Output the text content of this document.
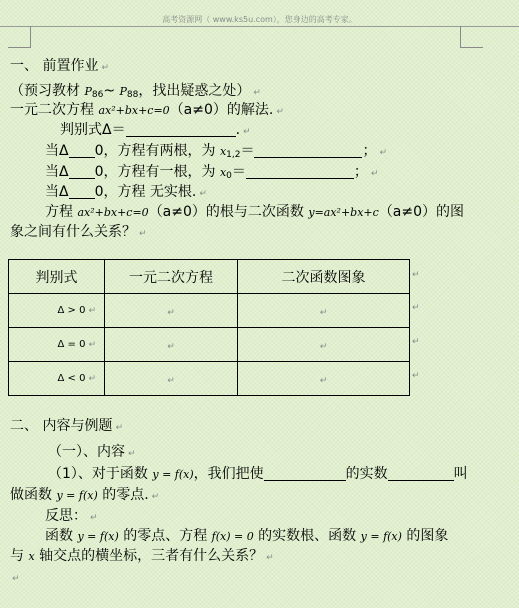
高考资源网（ www.ks5u.com），您身边的高考专家。
一、 前置作业 ↵
（预习教材 $P_{86}\sim$ $P_{88}$，找出疑惑之处） ↵
一元二次方程 ax²+bx+c=0（a≠0）的解法. ↵
判别式Δ＝	. ↵
当Δ 0，方程有两根，为 $x_{1,2}=$	； ↵
当Δ 0，方程有一根，为 $x_0=$	； ↵
当Δ 0，方程 无实根. ↵
方程 ax²+bx+c=0（a≠0）的根与二次函数 y=ax²+bx+c（a≠0）的图
象之间有什么关系？ ↵
判别式	一元二次方程	二次函数图象
Δ > 0 ↵	↵	↵
Δ = 0 ↵	↵	↵
Δ < 0 ↵	↵	↵
↵
↵
↵
↵
二、 内容与例题 ↵
（一）、内容 ↵
（1）、对于函数 y = f(x)，我们把使	的实数	叫
做函数 y = f(x) 的零点. ↵
反思： ↵
函数 y = f(x) 的零点、方程 f(x) = 0 的实数根、函数 y = f(x) 的图象
与 x 轴交点的横坐标，三者有什么关系？ ↵
↵
